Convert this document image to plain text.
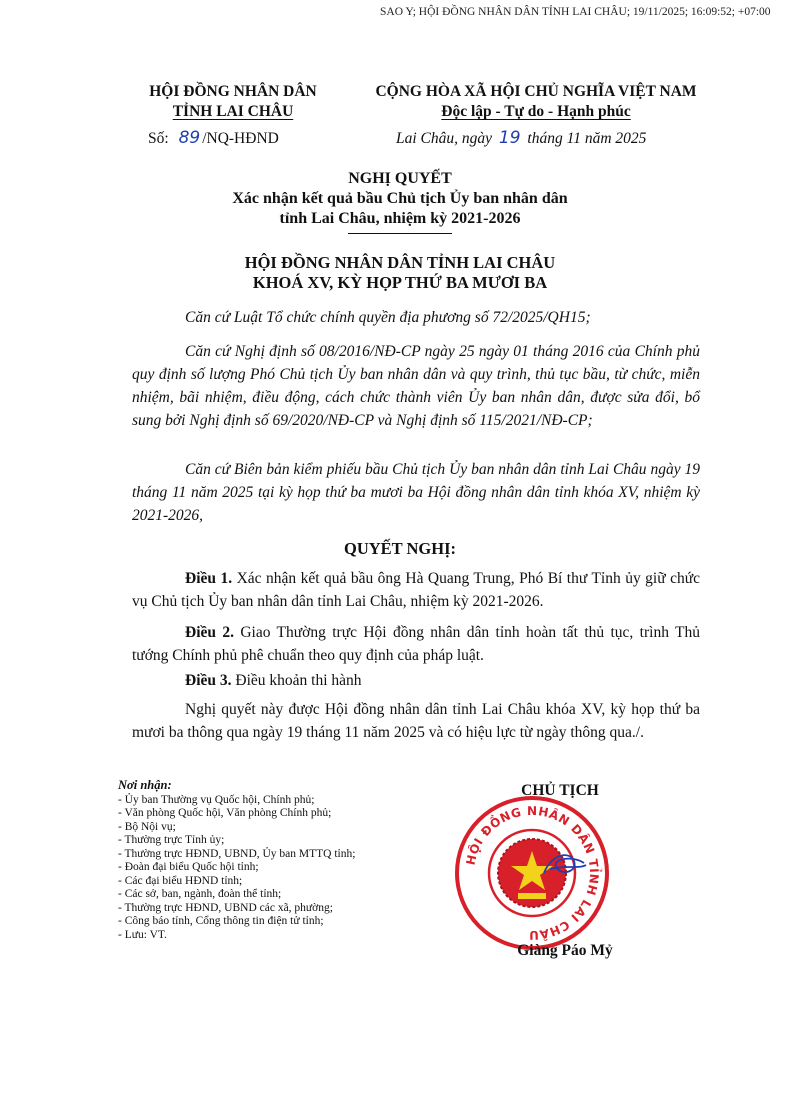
SAO Y; HỘI ĐỒNG NHÂN DÂN TỈNH LAI CHÂU; 19/11/2025; 16:09:52; +07:00
HỘI ĐỒNG NHÂN DÂN
TỈNH LAI CHÂU
Số: 89 /NQ-HĐND
CỘNG HÒA XÃ HỘI CHỦ NGHĨA VIỆT NAM
Độc lập - Tự do - Hạnh phúc
Lai Châu, ngày 19 tháng 11 năm 2025
NGHỊ QUYẾT
Xác nhận kết quả bầu Chủ tịch Ủy ban nhân dân
tỉnh Lai Châu, nhiệm kỳ 2021-2026
HỘI ĐỒNG NHÂN DÂN TỈNH LAI CHÂU
KHOÁ XV, KỲ HỌP THỨ BA MƯƠI BA
Căn cứ Luật Tổ chức chính quyền địa phương số 72/2025/QH15;
Căn cứ Nghị định số 08/2016/NĐ-CP ngày 25 ngày 01 tháng 2016 của Chính phủ quy định số lượng Phó Chủ tịch Ủy ban nhân dân và quy trình, thủ tục bầu, từ chức, miễn nhiệm, bãi nhiệm, điều động, cách chức thành viên Ủy ban nhân dân, được sửa đổi, bổ sung bởi Nghị định số 69/2020/NĐ-CP và Nghị định số 115/2021/NĐ-CP;
Căn cứ Biên bản kiểm phiếu bầu Chủ tịch Ủy ban nhân dân tỉnh Lai Châu ngày 19 tháng 11 năm 2025 tại kỳ họp thứ ba mươi ba Hội đồng nhân dân tỉnh khóa XV, nhiệm kỳ 2021-2026,
QUYẾT NGHỊ:
Điều 1. Xác nhận kết quả bầu ông Hà Quang Trung, Phó Bí thư Tỉnh ủy giữ chức vụ Chủ tịch Ủy ban nhân dân tỉnh Lai Châu, nhiệm kỳ 2021-2026.
Điều 2. Giao Thường trực Hội đồng nhân dân tỉnh hoàn tất thủ tục, trình Thủ tướng Chính phủ phê chuẩn theo quy định của pháp luật.
Điều 3. Điều khoản thi hành
Nghị quyết này được Hội đồng nhân dân tỉnh Lai Châu khóa XV, kỳ họp thứ ba mươi ba thông qua ngày 19 tháng 11 năm 2025 và có hiệu lực từ ngày thông qua./.
Nơi nhận:
- Ủy ban Thường vụ Quốc hội, Chính phủ;
- Văn phòng Quốc hội, Văn phòng Chính phủ;
- Bộ Nội vụ;
- Thường trực Tỉnh ủy;
- Thường trực HĐND, UBND, Ủy ban MTTQ tỉnh;
- Đoàn đại biểu Quốc hội tỉnh;
- Các đại biểu HĐND tỉnh;
- Các sở, ban, ngành, đoàn thể tỉnh;
- Thường trực HĐND, UBND các xã, phường;
- Công báo tỉnh, Cổng thông tin điện tử tỉnh;
- Lưu: VT.
CHỦ TỊCH
HỘI ĐỒNG NHÂN DÂN TỈNH LAI CHÂU
Giàng Páo Mỷ
